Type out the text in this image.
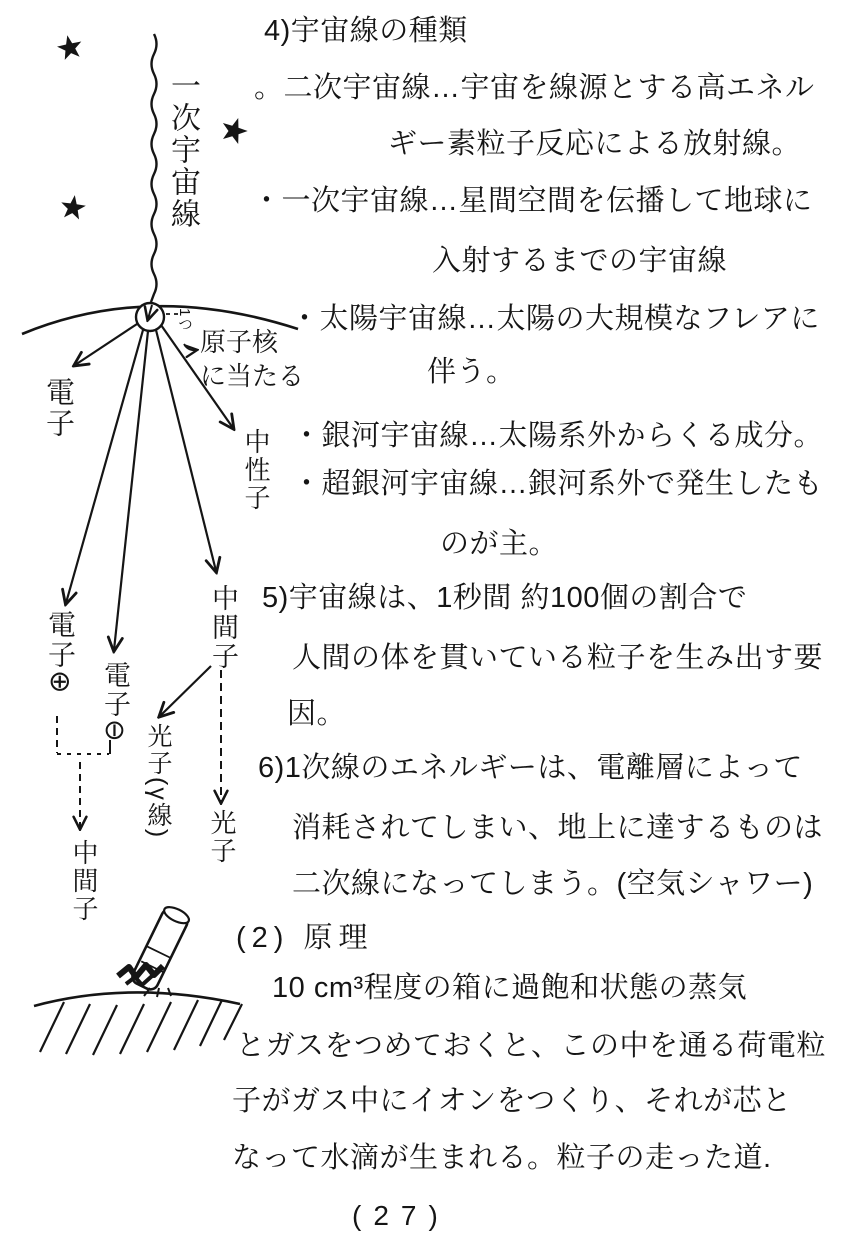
一次宇宙線
1つ
原子核
に当たる
電子
中性子
電子⊕
電子⊖
中間子
光子(γ線) 光子
中間子
4)宇宙線の種類
。二次宇宙線…宇宙を線源とする高エネル
ギー素粒子反応による放射線。
・一次宇宙線…星間空間を伝播して地球に
入射するまでの宇宙線
・太陽宇宙線…太陽の大規模なフレアに
伴う。
・銀河宇宙線…太陽系外からくる成分。
・超銀河宇宙線…銀河系外で発生したも
のが主。
5)宇宙線は、1秒間 約100個の割合で
人間の体を貫いている粒子を生み出す要
因。
6)1次線のエネルギーは、電離層によって
消耗されてしまい、地上に達するものは
二次線になってしまう。(空気シャワー)
(2) 原理
10 cm³程度の箱に過飽和状態の蒸気
とガスをつめておくと、この中を通る荷電粒
子がガス中にイオンをつくり、それが芯と
なって水滴が生まれる。粒子の走った道.
(27)
